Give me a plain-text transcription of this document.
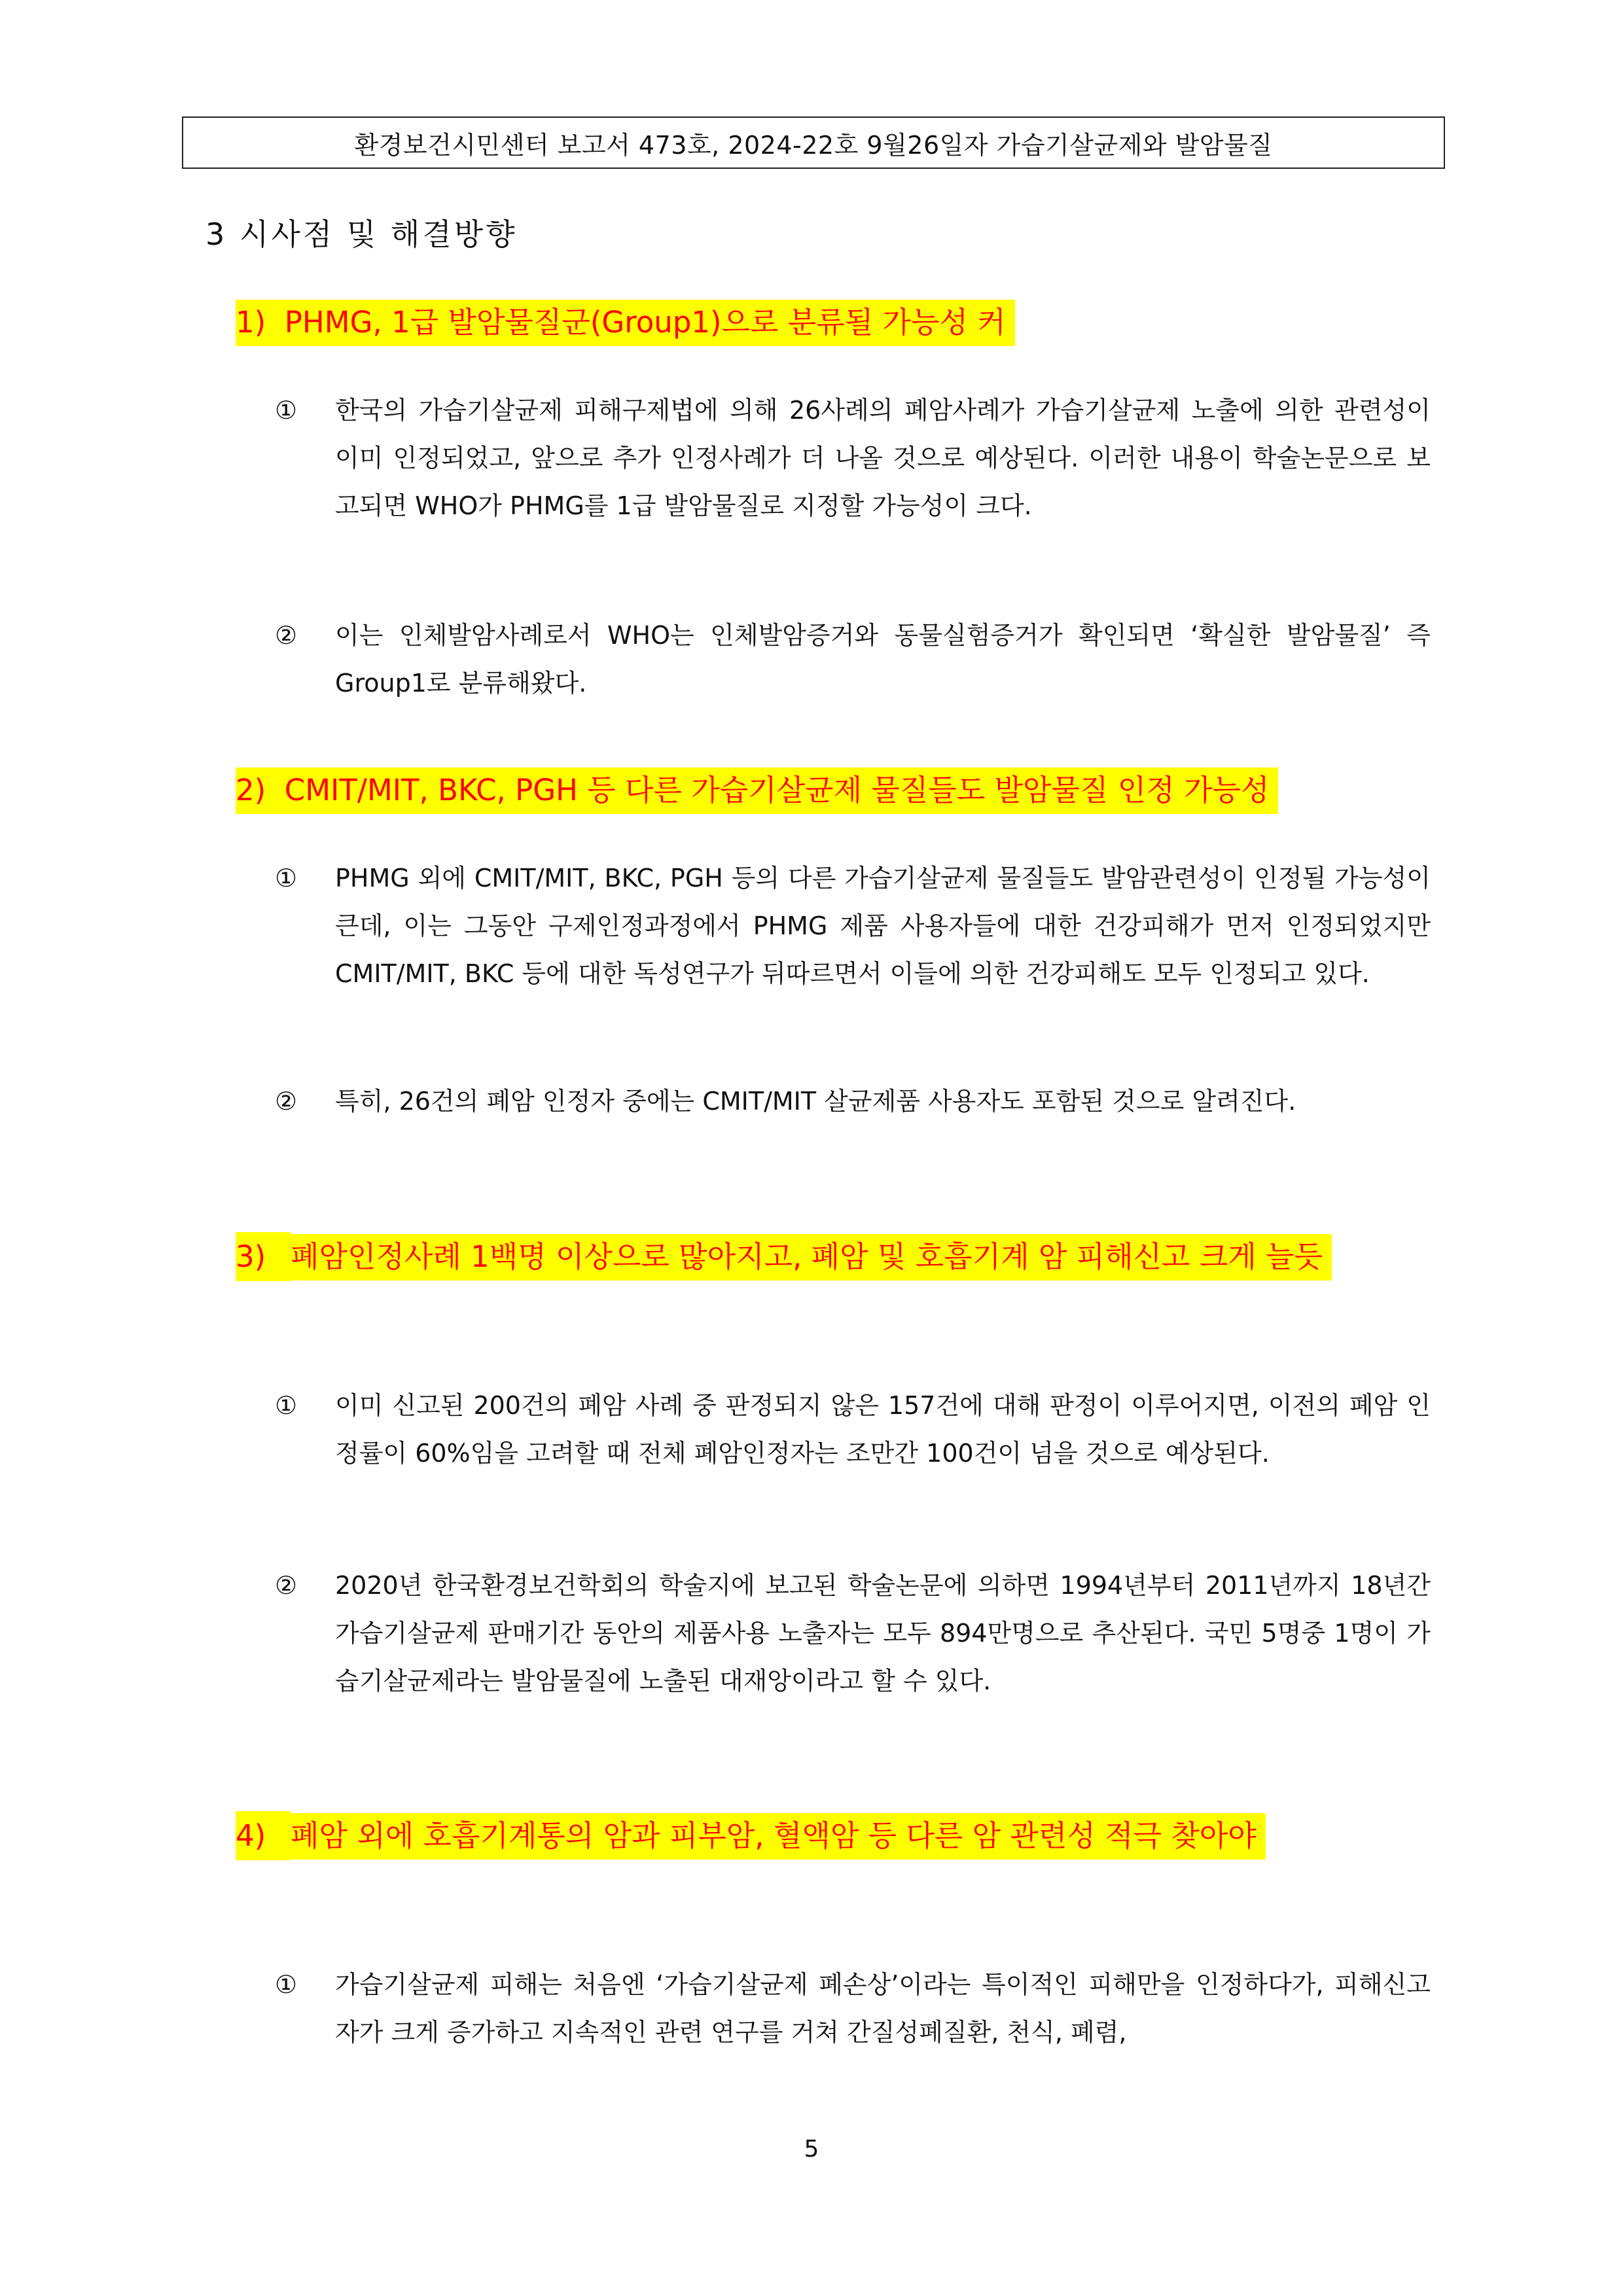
환경보건시민센터 보고서 473호, 2024-22호 9월26일자 가습기살균제와 발암물질
3 시사점 및 해결방향
1) PHMG, 1급 발암물질군(Group1)으로 분류될 가능성 커
①	한국의 가습기살균제 피해구제법에 의해 26사례의 폐암사례가 가습기살균제 노출에 의한 관련성이 이미 인정되었고, 앞으로 추가 인정사례가 더 나올 것으로 예상된다. 이러한 내용이 학술논문으로 보고되면 WHO가 PHMG를 1급 발암물질로 지정할 가능성이 크다.
②	이는 인체발암사례로서 WHO는 인체발암증거와 동물실험증거가 확인되면 ‘확실한 발암물질’ 즉 Group1로 분류해왔다.
2) CMIT/MIT, BKC, PGH 등 다른 가습기살균제 물질들도 발암물질 인정 가능성
①	PHMG 외에 CMIT/MIT, BKC, PGH 등의 다른 가습기살균제 물질들도 발암관련성이 인정될 가능성이 큰데, 이는 그동안 구제인정과정에서 PHMG 제품 사용자들에 대한 건강피해가 먼저 인정되었지만 CMIT/MIT, BKC 등에 대한 독성연구가 뒤따르면서 이들에 의한 건강피해도 모두 인정되고 있다.
②	특히, 26건의 폐암 인정자 중에는 CMIT/MIT 살균제품 사용자도 포함된 것으로 알려진다.
3) 폐암인정사례 1백명 이상으로 많아지고, 폐암 및 호흡기계 암 피해신고 크게 늘듯
①	이미 신고된 200건의 폐암 사례 중 판정되지 않은 157건에 대해 판정이 이루어지면, 이전의 폐암 인정률이 60%임을 고려할 때 전체 폐암인정자는 조만간 100건이 넘을 것으로 예상된다.
②	2020년 한국환경보건학회의 학술지에 보고된 학술논문에 의하면 1994년부터 2011년까지 18년간 가습기살균제 판매기간 동안의 제품사용 노출자는 모두 894만명으로 추산된다. 국민 5명중 1명이 가습기살균제라는 발암물질에 노출된 대재앙이라고 할 수 있다.
4) 폐암 외에 호흡기계통의 암과 피부암, 혈액암 등 다른 암 관련성 적극 찾아야
①	가습기살균제 피해는 처음엔 ‘가습기살균제 폐손상’이라는 특이적인 피해만을 인정하다가, 피해신고자가 크게 증가하고 지속적인 관련 연구를 거쳐 간질성폐질환, 천식, 폐렴,
5
